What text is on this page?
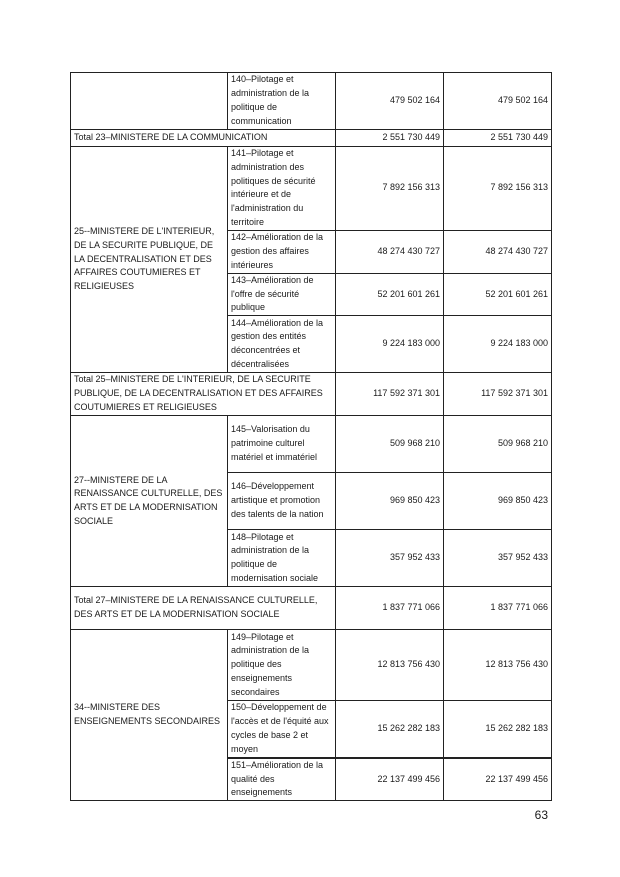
	140–Pilotage et administration de la politique de communication	479 502 164	479 502 164
Total 23–MINISTERE DE LA COMMUNICATION		2 551 730 449	2 551 730 449
25--MINISTERE DE L'INTERIEUR, DE LA SECURITE PUBLIQUE, DE LA DECENTRALISATION ET DES AFFAIRES COUTUMIERES ET RELIGIEUSES	141–Pilotage et administration des politiques de sécurité intérieure et de l'administration du territoire	7 892 156 313	7 892 156 313
	142–Amélioration de la gestion des affaires intérieures	48 274 430 727	48 274 430 727
	143–Amélioration de l'offre de sécurité publique	52 201 601 261	52 201 601 261
	144–Amélioration de la gestion des entités déconcentrées et décentralisées	9 224 183 000	9 224 183 000
Total 25–MINISTERE DE L'INTERIEUR, DE LA SECURITE PUBLIQUE, DE LA DECENTRALISATION ET DES AFFAIRES COUTUMIERES ET RELIGIEUSES		117 592 371 301	117 592 371 301
27--MINISTERE DE LA RENAISSANCE CULTURELLE, DES ARTS ET DE LA MODERNISATION SOCIALE	145–Valorisation du patrimoine culturel matériel et immatériel	509 968 210	509 968 210
	146–Développement artistique et promotion des talents de la nation	969 850 423	969 850 423
	148–Pilotage et administration de la politique de modernisation sociale	357 952 433	357 952 433
Total 27–MINISTERE DE LA RENAISSANCE CULTURELLE, DES ARTS ET DE LA MODERNISATION SOCIALE		1 837 771 066	1 837 771 066
34--MINISTERE DES ENSEIGNEMENTS SECONDAIRES	149–Pilotage et administration de la politique des enseignements secondaires	12 813 756 430	12 813 756 430
	150–Développement de l'accès et de l'équité aux cycles de base 2 et moyen	15 262 282 183	15 262 282 183
	151–Amélioration de la qualité des enseignements	22 137 499 456	22 137 499 456
63
